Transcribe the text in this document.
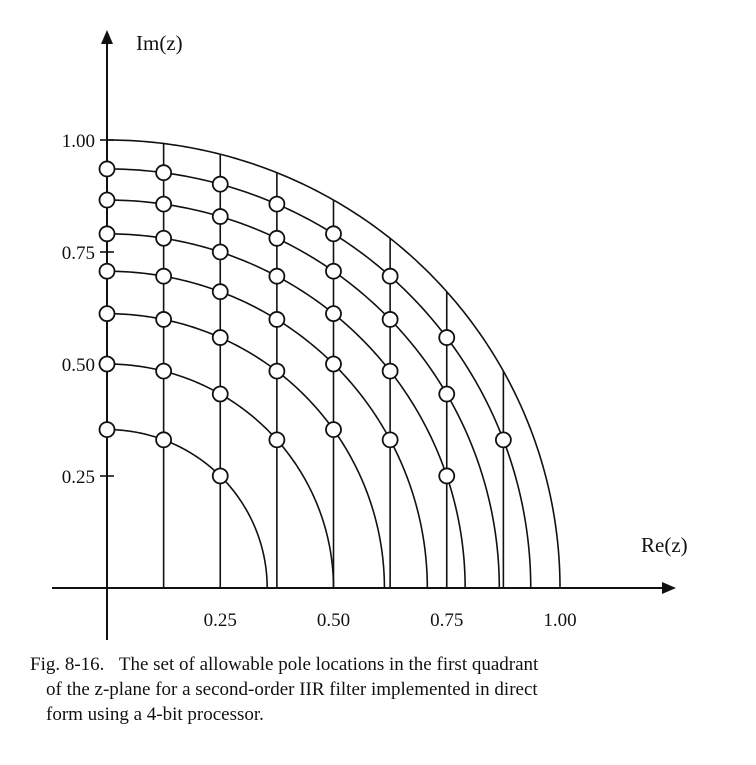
0.25
0.50
0.75
1.00
0.25	0.50	0.75	1.00
Im(z)
Re(z)
Fig. 8-16. The set of allowable pole locations in the first quadrant
of the z-plane for a second-order IIR filter implemented in direct
form using a 4-bit processor.
